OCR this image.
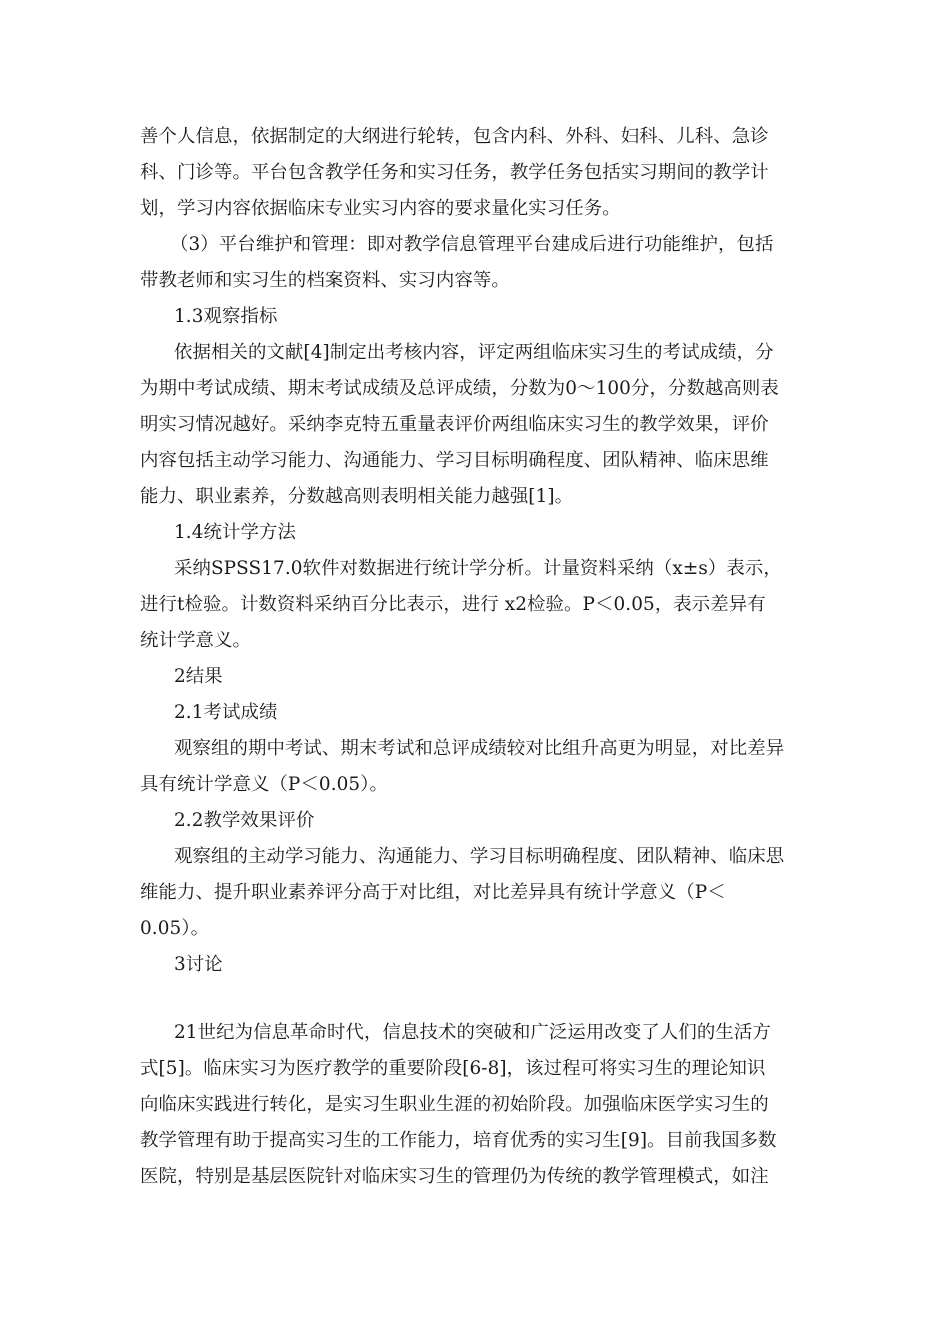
善个人信息，依据制定的大纲进行轮转，包含内科、外科、妇科、儿科、急诊
科、门诊等。平台包含教学任务和实习任务，教学任务包括实习期间的教学计
划，学习内容依据临床专业实习内容的要求量化实习任务。
（3）平台维护和管理：即对教学信息管理平台建成后进行功能维护，包括
带教老师和实习生的档案资料、实习内容等。
1.3观察指标
依据相关的文献[4]制定出考核内容，评定两组临床实习生的考试成绩，分
为期中考试成绩、期末考试成绩及总评成绩，分数为0～100分，分数越高则表
明实习情况越好。采纳李克特五重量表评价两组临床实习生的教学效果，评价
内容包括主动学习能力、沟通能力、学习目标明确程度、团队精神、临床思维
能力、职业素养，分数越高则表明相关能力越强[1]。
1.4统计学方法
采纳SPSS17.0软件对数据进行统计学分析。计量资料采纳（x±s）表示，
进行t检验。计数资料采纳百分比表示，进行 x2检验。P＜0.05，表示差异有
统计学意义。
2结果
2.1考试成绩
观察组的期中考试、期末考试和总评成绩较对比组升高更为明显，对比差异
具有统计学意义（P＜0.05）。
2.2教学效果评价
观察组的主动学习能力、沟通能力、学习目标明确程度、团队精神、临床思
维能力、提升职业素养评分高于对比组，对比差异具有统计学意义（P＜
0.05）。
3讨论
21世纪为信息革命时代，信息技术的突破和广泛运用改变了人们的生活方
式[5]。临床实习为医疗教学的重要阶段[6-8]，该过程可将实习生的理论知识
向临床实践进行转化，是实习生职业生涯的初始阶段。加强临床医学实习生的
教学管理有助于提高实习生的工作能力，培育优秀的实习生[9]。目前我国多数
医院，特别是基层医院针对临床实习生的管理仍为传统的教学管理模式，如注
